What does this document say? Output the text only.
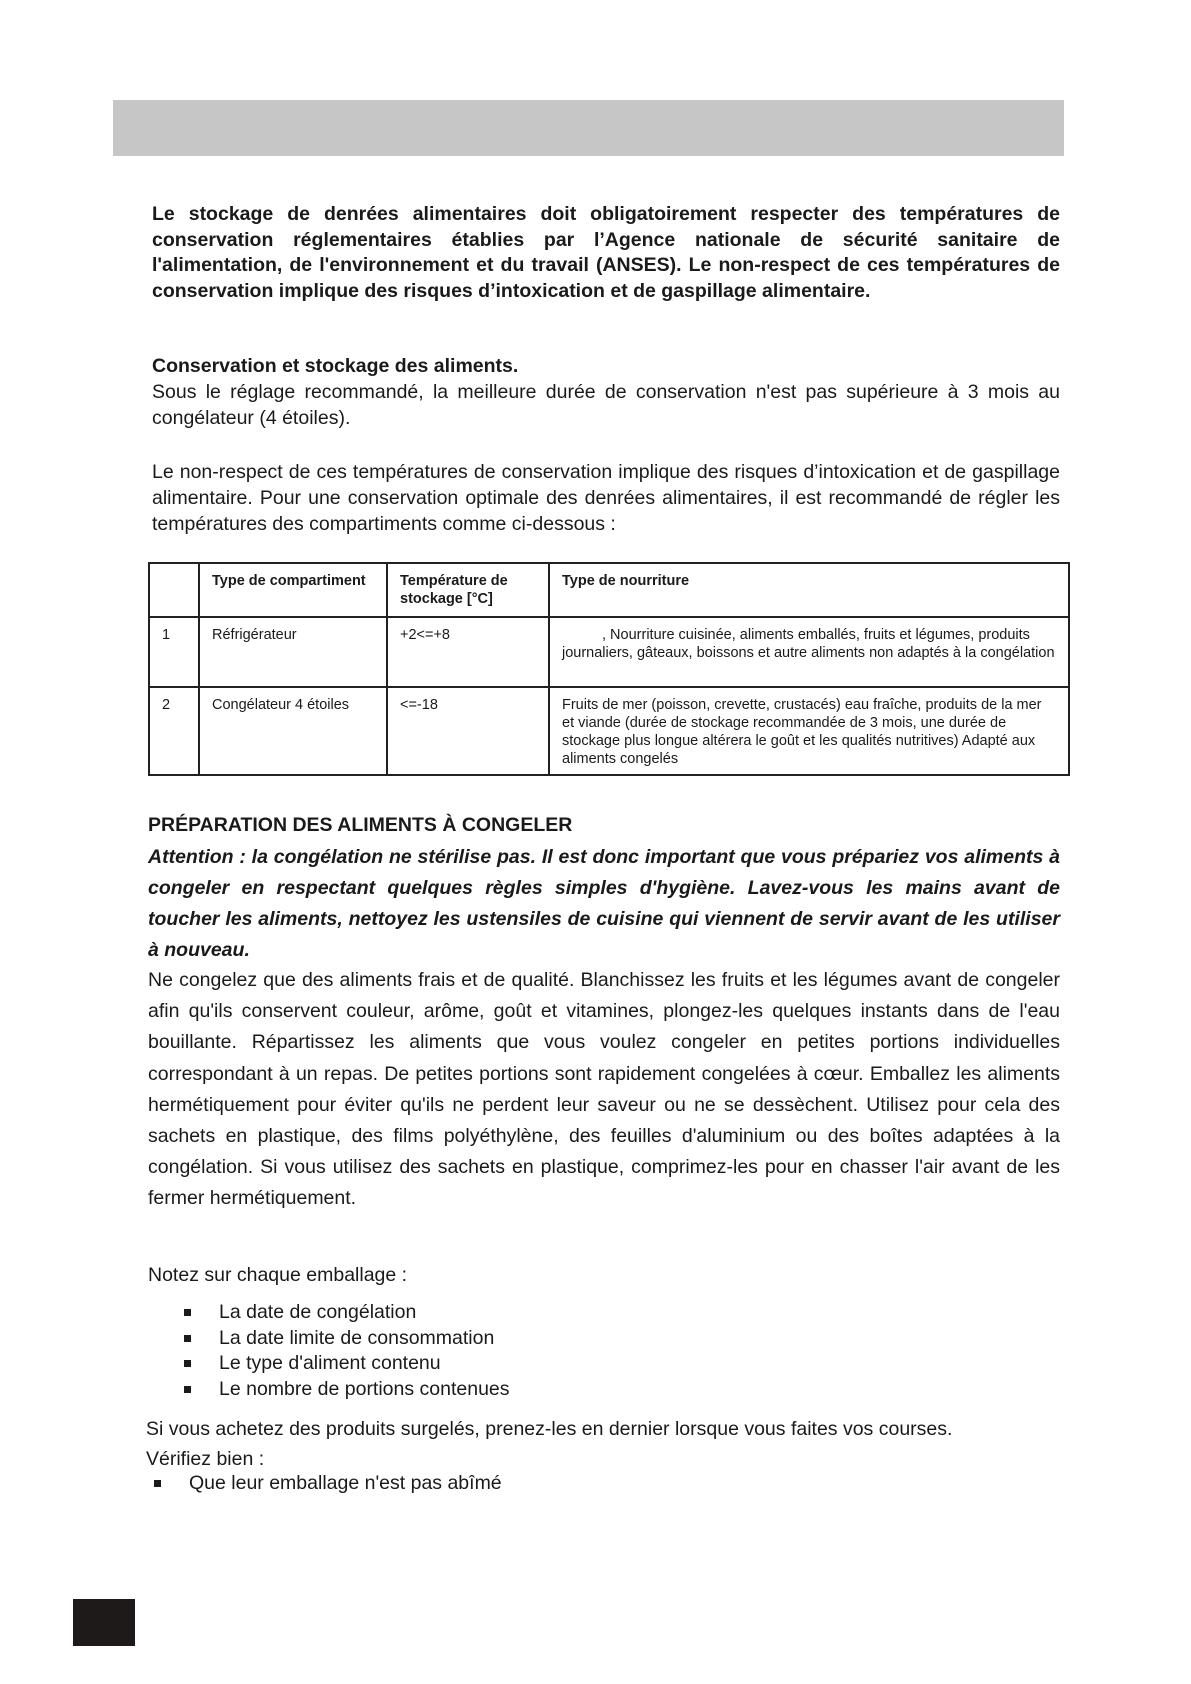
Le stockage de denrées alimentaires doit obligatoirement respecter des températures de conservation réglementaires établies par l’Agence nationale de sécurité sanitaire de l'alimentation, de l'environnement et du travail (ANSES). Le non-respect de ces températures de conservation implique des risques d’intoxication et de gaspillage alimentaire.

Conservation et stockage des aliments.

Sous le réglage recommandé, la meilleure durée de conservation n'est pas supérieure à 3 mois au congélateur (4 étoiles).

Le non-respect de ces températures de conservation implique des risques d’intoxication et de gaspillage alimentaire. Pour une conservation optimale des denrées alimentaires, il est recommandé de régler les températures des compartiments comme ci-dessous :

	Type de compartiment	Température de stockage [°C]	Type de nourriture
1	Réfrigérateur	+2<=+8	, Nourriture cuisinée, aliments emballés, fruits et légumes, produits journaliers, gâteaux, boissons et autre aliments non adaptés à la congélation
2	Congélateur 4 étoiles	<=-18	Fruits de mer (poisson, crevette, crustacés) eau fraîche, produits de la mer et viande (durée de stockage recommandée de 3 mois, une durée de stockage plus longue altérera le goût et les qualités nutritives) Adapté aux aliments congelés
PRÉPARATION DES ALIMENTS À CONGELER

Attention : la congélation ne stérilise pas. Il est donc important que vous prépariez vos aliments à congeler en respectant quelques règles simples d'hygiène. Lavez-vous les mains avant de toucher les aliments, nettoyez les ustensiles de cuisine qui viennent de servir avant de les utiliser à nouveau.

Ne congelez que des aliments frais et de qualité. Blanchissez les fruits et les légumes avant de congeler afin qu'ils conservent couleur, arôme, goût et vitamines, plongez-les quelques instants dans de l'eau bouillante. Répartissez les aliments que vous voulez congeler en petites portions individuelles correspondant à un repas. De petites portions sont rapidement congelées à cœur. Emballez les aliments hermétiquement pour éviter qu'ils ne perdent leur saveur ou ne se dessèchent. Utilisez pour cela des sachets en plastique, des films polyéthylène, des feuilles d'aluminium ou des boîtes adaptées à la congélation. Si vous utilisez des sachets en plastique, comprimez-les pour en chasser l'air avant de les fermer hermétiquement.

Notez sur chaque emballage :
La date de congélation
La date limite de consommation
Le type d'aliment contenu
Le nombre de portions contenues
Si vous achetez des produits surgelés, prenez-les en dernier lorsque vous faites vos courses.
Vérifiez bien :
Que leur emballage n'est pas abîmé
